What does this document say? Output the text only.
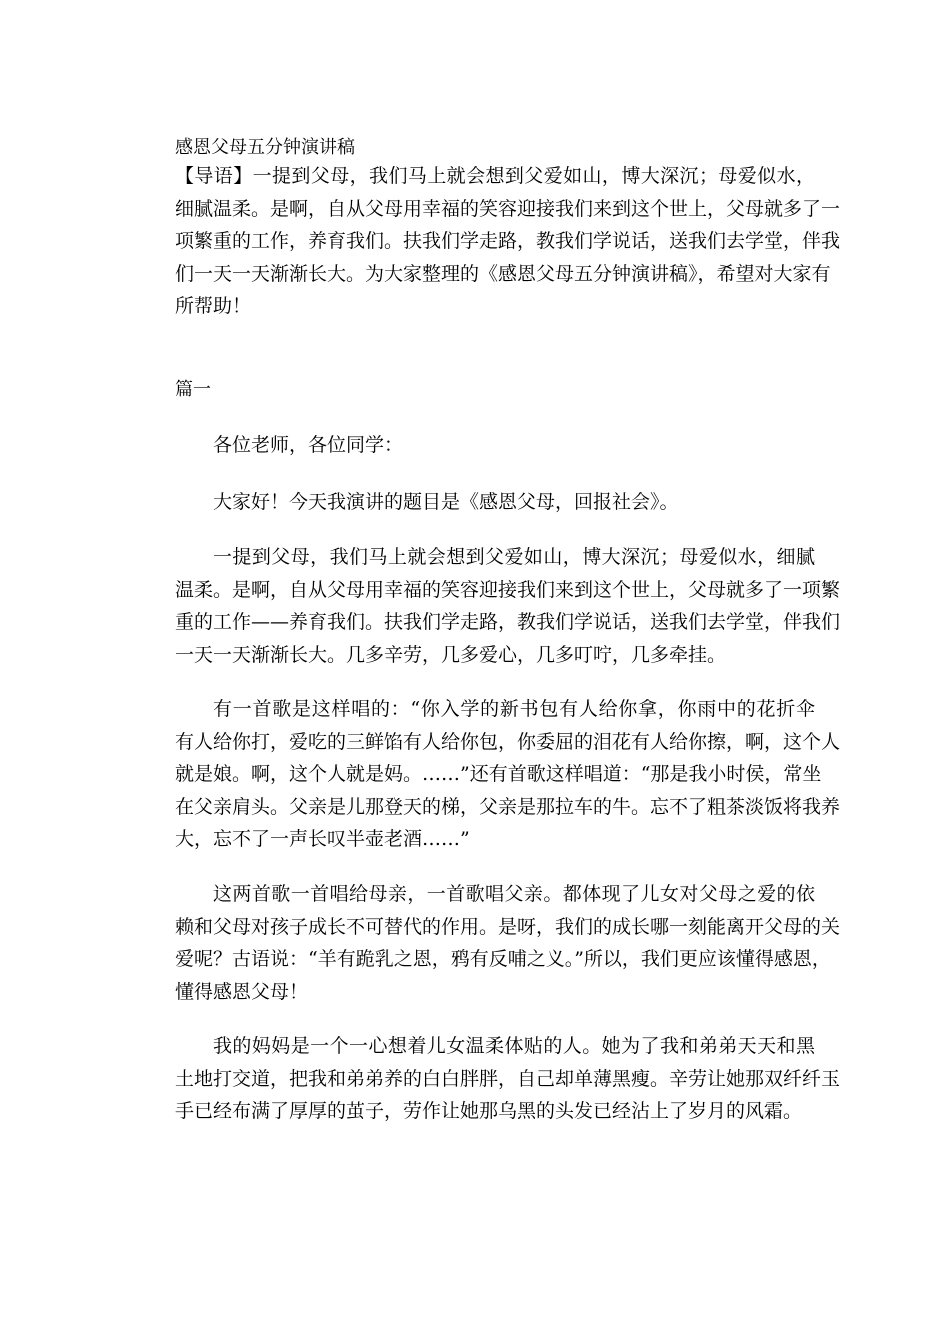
感恩父母五分钟演讲稿
【导语】一提到父母，我们马上就会想到父爱如山，博大深沉；母爱似水，
细腻温柔。是啊，自从父母用幸福的笑容迎接我们来到这个世上，父母就多了一
项繁重的工作，养育我们。扶我们学走路，教我们学说话，送我们去学堂，伴我
们一天一天渐渐长大。为大家整理的《感恩父母五分钟演讲稿》，希望对大家有
所帮助！
篇一
各位老师，各位同学：
大家好！今天我演讲的题目是《感恩父母，回报社会》。
一提到父母，我们马上就会想到父爱如山，博大深沉；母爱似水，细腻
温柔。是啊，自从父母用幸福的笑容迎接我们来到这个世上，父母就多了一项繁
重的工作——养育我们。扶我们学走路，教我们学说话，送我们去学堂，伴我们
一天一天渐渐长大。几多辛劳，几多爱心，几多叮咛，几多牵挂。
有一首歌是这样唱的：“你入学的新书包有人给你拿，你雨中的花折伞
有人给你打，爱吃的三鲜馅有人给你包，你委屈的泪花有人给你擦，啊，这个人
就是娘。啊，这个人就是妈。……”还有首歌这样唱道：“那是我小时侯，常坐
在父亲肩头。父亲是儿那登天的梯，父亲是那拉车的牛。忘不了粗茶淡饭将我养
大，忘不了一声长叹半壶老酒……”
这两首歌一首唱给母亲，一首歌唱父亲。都体现了儿女对父母之爱的依
赖和父母对孩子成长不可替代的作用。是呀，我们的成长哪一刻能离开父母的关
爱呢？古语说：“羊有跪乳之恩，鸦有反哺之义。”所以，我们更应该懂得感恩，
懂得感恩父母！
我的妈妈是一个一心想着儿女温柔体贴的人。她为了我和弟弟天天和黑
土地打交道，把我和弟弟养的白白胖胖，自己却单薄黑瘦。辛劳让她那双纤纤玉
手已经布满了厚厚的茧子，劳作让她那乌黑的头发已经沾上了岁月的风霜。
